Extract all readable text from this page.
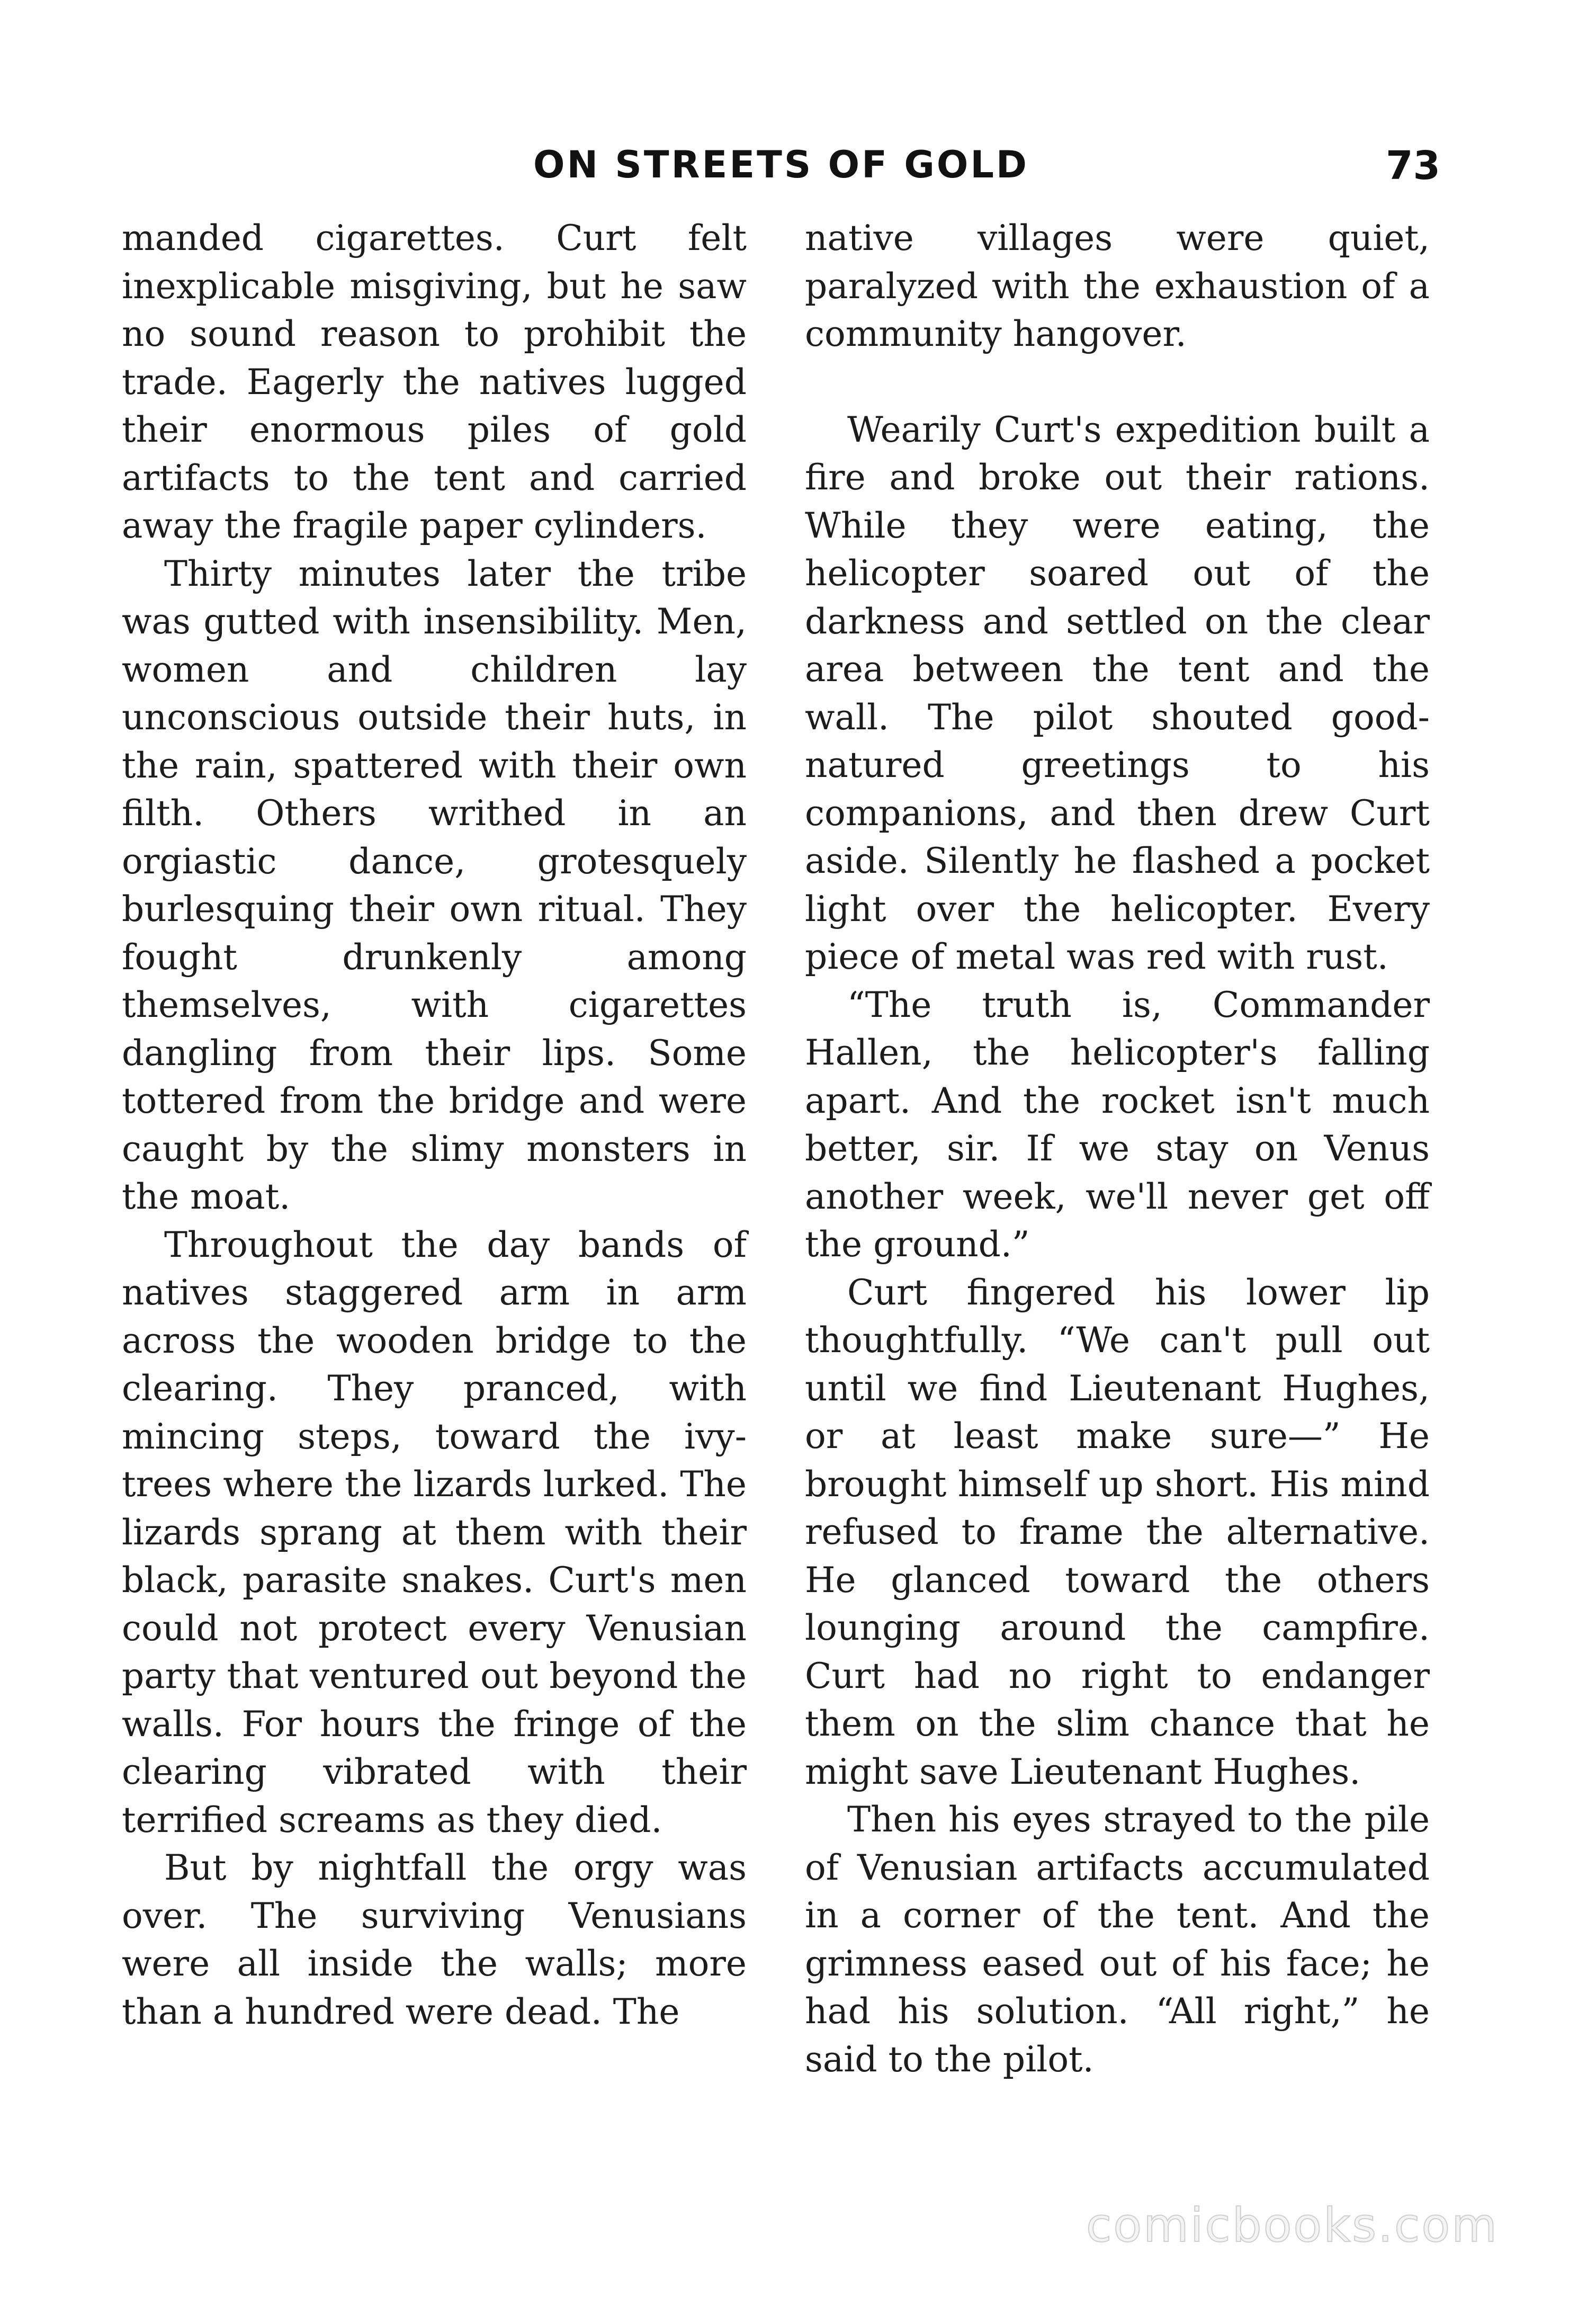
ON STREETS OF GOLD	73

manded cigarettes. Curt felt inexplicable misgiving, but he saw no sound reason to prohibit the trade. Eagerly the natives lugged their enormous piles of gold artifacts to the tent and carried away the fragile paper cylinders.

Thirty minutes later the tribe was gutted with insensibility. Men, women and children lay unconscious outside their huts, in the rain, spattered with their own filth. Others writhed in an orgiastic dance, grotesquely burlesquing their own ritual. They fought drunkenly among themselves, with cigarettes dangling from their lips. Some tottered from the bridge and were caught by the slimy monsters in the moat.

Throughout the day bands of natives staggered arm in arm across the wooden bridge to the clearing. They pranced, with mincing steps, toward the ivy-trees where the lizards lurked. The lizards sprang at them with their black, parasite snakes. Curt's men could not protect every Venusian party that ventured out beyond the walls. For hours the fringe of the clearing vibrated with their terrified screams as they died.

But by nightfall the orgy was over. The surviving Venusians were all inside the walls; more than a hundred were dead. The

native villages were quiet, paralyzed with the exhaustion of a community hangover.

Wearily Curt's expedition built a fire and broke out their rations. While they were eating, the helicopter soared out of the darkness and settled on the clear area between the tent and the wall. The pilot shouted good-natured greetings to his companions, and then drew Curt aside. Silently he flashed a pocket light over the helicopter. Every piece of metal was red with rust.

“The truth is, Commander Hallen, the helicopter's falling apart. And the rocket isn't much better, sir. If we stay on Venus another week, we'll never get off the ground.”

Curt fingered his lower lip thoughtfully. “We can't pull out until we find Lieutenant Hughes, or at least make sure—” He brought himself up short. His mind refused to frame the alternative. He glanced toward the others lounging around the campfire. Curt had no right to endanger them on the slim chance that he might save Lieutenant Hughes.

Then his eyes strayed to the pile of Venusian artifacts accumulated in a corner of the tent. And the grimness eased out of his face; he had his solution. “All right,” he said to the pilot.

comicbooks.com
